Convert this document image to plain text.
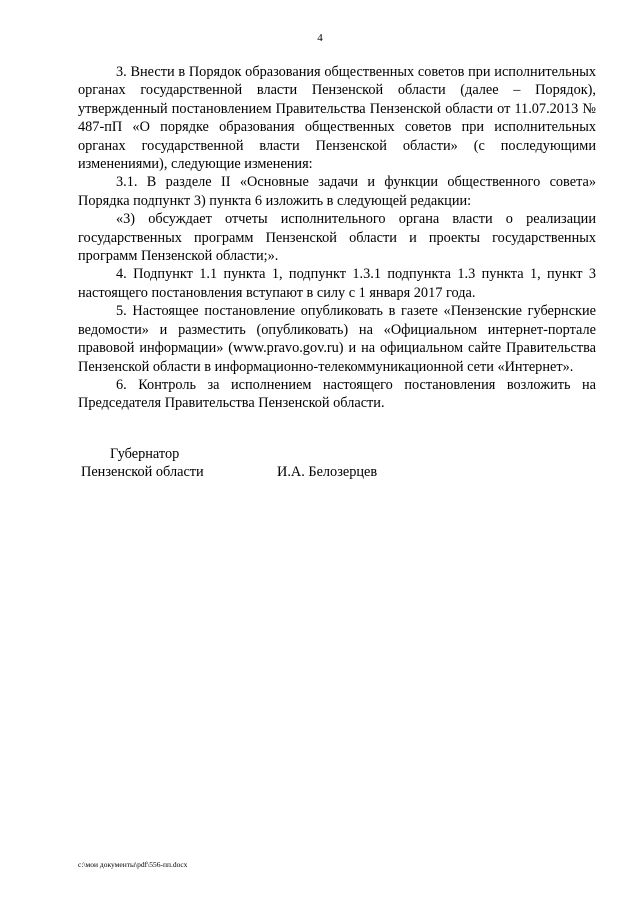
4

3. Внести в Порядок образования общественных советов при исполнительных органах государственной власти Пензенской области (далее – Порядок), утвержденный постановлением Правительства Пензенской области от 11.07.2013 № 487-пП «О порядке образования общественных советов при исполнительных органах государственной власти Пензенской области» (с последующими изменениями), следующие изменения:

3.1. В разделе II «Основные задачи и функции общественного совета» Порядка подпункт 3) пункта 6 изложить в следующей редакции:

«3) обсуждает отчеты исполнительного органа власти о реализации государственных программ Пензенской области и проекты государственных программ Пензенской области;».

4. Подпункт 1.1 пункта 1, подпункт 1.3.1 подпункта 1.3 пункта 1, пункт 3 настоящего постановления вступают в силу с 1 января 2017 года.

5. Настоящее постановление опубликовать в газете «Пензенские губернские ведомости» и разместить (опубликовать) на «Официальном интернет-портале правовой информации» (www.pravo.gov.ru) и на официальном сайте Правительства Пензенской области в информационно-телекоммуникационной сети «Интернет».

6. Контроль за исполнением настоящего постановления возложить на Председателя Правительства Пензенской области.

Губернатор
Пензенской области	И.А. Белозерцев
c:\мои документы\pdf\556-пп.docx
